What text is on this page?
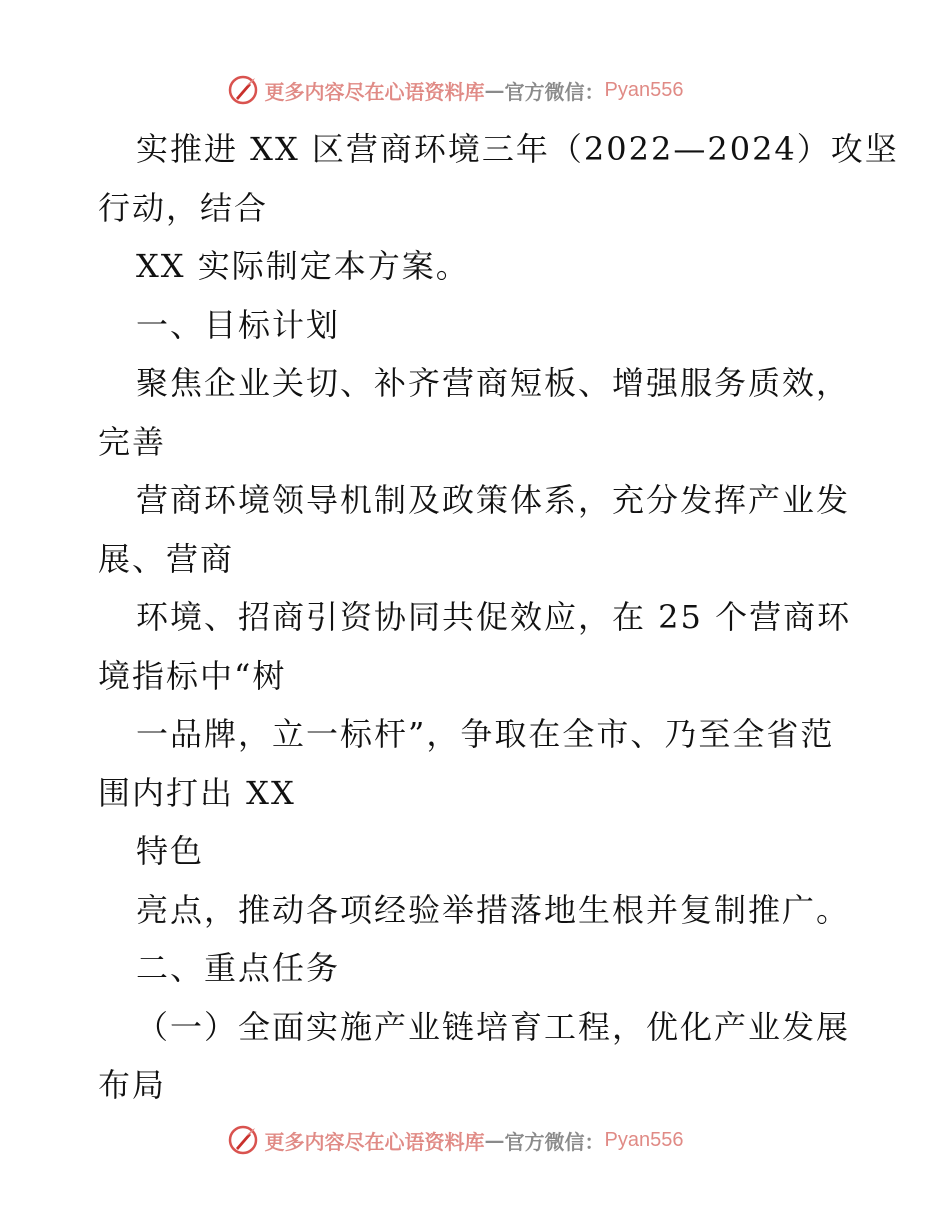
更多内容尽在心语资料库 — 官方微信： Pyan556
实推进 XX 区营商环境三年（2022—2024）攻坚
行动，结合
XX 实际制定本方案。
一、目标计划
聚焦企业关切、补齐营商短板、增强服务质效，
完善
营商环境领导机制及政策体系，充分发挥产业发
展、营商
环境、招商引资协同共促效应，在 25 个营商环
境指标中“树
一品牌，立一标杆”，争取在全市、乃至全省范
围内打出 XX
特色
亮点，推动各项经验举措落地生根并复制推广。
二、重点任务
（一）全面实施产业链培育工程，优化产业发展
布局
更多内容尽在心语资料库 — 官方微信： Pyan556
